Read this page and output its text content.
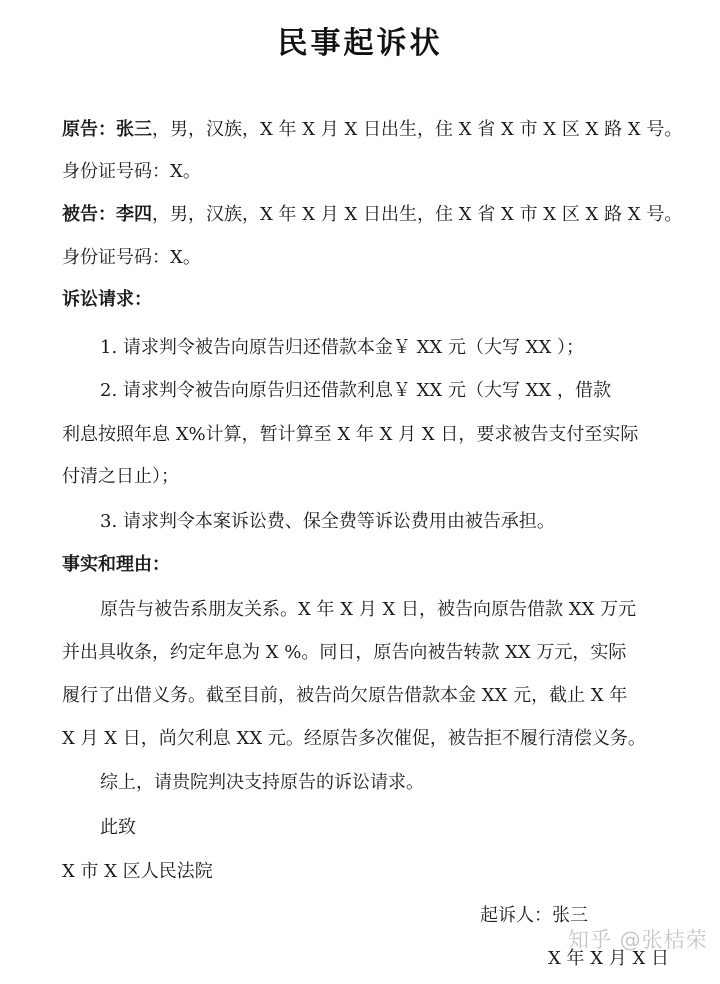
民事起诉状
原告：张三，男，汉族，X 年 X 月 X 日出生，住 X 省 X 市 X 区 X 路 X 号。
身份证号码：X。
被告：李四，男，汉族，X 年 X 月 X 日出生，住 X 省 X 市 X 区 X 路 X 号。
身份证号码：X。
诉讼请求：
1. 请求判令被告向原告归还借款本金￥ XX 元（大写 XX ）；
2. 请求判令被告向原告归还借款利息￥ XX 元（大写 XX ，借款
利息按照年息 X%计算，暂计算至 X 年 X 月 X 日，要求被告支付至实际
付清之日止）；
3. 请求判令本案诉讼费、保全费等诉讼费用由被告承担。
事实和理由：
原告与被告系朋友关系。X 年 X 月 X 日，被告向原告借款 XX 万元
并出具收条，约定年息为 X %。同日，原告向被告转款 XX 万元，实际
履行了出借义务。截至目前，被告尚欠原告借款本金 XX 元，截止 X 年
X 月 X 日，尚欠利息 XX 元。经原告多次催促，被告拒不履行清偿义务。
综上，请贵院判决支持原告的诉讼请求。
此致
X 市 X 区人民法院
起诉人：张三
X 年 X 月 X 日
知乎 @张桔荣
